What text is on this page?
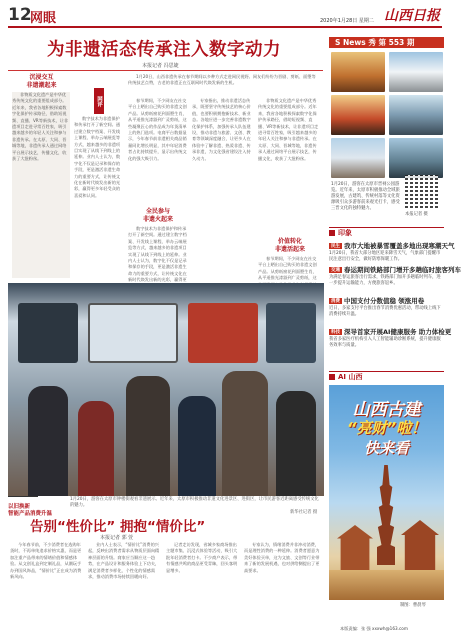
12
网眼	2020年1月28日 星期二 山西日报
为非遗活态传承注入数字动力
本报记者 冯思婕
沉浸交互
非遗潮起来
非物质文化遗产是中华优秀传统文化的重要组成部分。近年来，我省各地积极探索数字化保护传承路径，借助短视频、直播、VR等新技术，让非遗项目走进寻常百姓家，吸引越来越多的年轻人关注和参与非遗传承。在太原、大同、晋城等地，非遗传承人通过网络平台展示技艺，传播文化，收获了大批粉丝。
网评
数字技术为非遗保护和传承打开了新空间。通过建立数字档案、开发线上课程、举办云端展览等方式，越来越多的非遗项目实现了从线下到线上的延伸。业内人士认为，数字化不仅是记录和保存的手段，更是激活非遗生命力的重要方式，让传统文化在新时代焕发出新的光彩，赢得更多年轻受众的喜爱和认同。
1月20日，山西非遗传承在春节期间以多种方式走进网民视野。网友们纷纷为晋剧、剪纸、面塑等传统技艺点赞，古老的非遗正在互联网时代焕发新的生机。
春节期间，不少网友在社交平台上晒出自己购买的非遗文创产品。从剪纸窗花到面塑生肖，从平遥推光漆器到广灵剪纸，这些凝聚匠心的作品成为年货清单上的热门选项。电商平台数据显示，今年春节前非遗相关商品销量同比增长明显，其中年轻消费者占比持续提升，显示出传统文化的强大吸引力。
全民参与
非遗火起来
数字技术为非遗保护和传承打开了新空间。通过建立数字档案、开发线上课程、举办云端展览等方式，越来越多的非遗项目实现了从线下到线上的延伸。业内人士认为，数字化不仅是记录和保存的手段，更是激活非遗生命力的重要方式，让传统文化在新时代焕发出新的光彩，赢得更
专家指出，推动非遗活态传承，既要坚守传统技艺的核心价值，也要积极拥抱新技术、新业态。各地应进一步完善非遗数字化保护体系，加强传承人队伍建设，推动非遗与旅游、文创、教育等领域深度融合，让更多人在体验中了解非遗、热爱非遗、传承非遗，为文化强省建设注入持久动力。
价值转化
非遗活起来
非物质文化遗产是中华优秀传统文化的重要组成部分。近年来，我省各地积极探索数字化保护传承路径，借助短视频、直播、VR等新技术，让非遗项目走进寻常百姓家，吸引越来越多的年轻人关注和参与非遗传承。在太原、大同、晋城等地，非遗传承人通过网络平台展示技艺，传播文化，收获了大批粉丝。
春节期间，不少网友在社交平台上晒出自己购买的非遗文创产品。从剪纸窗花到面塑生肖，从平遥推光漆器到广灵剪纸，这
1月20日，游客在太原市钟楼街观看非遗展示。近年来，太原市积极推动非遗文化进景区、进街区，让市民游客近距离感受传统文化的魅力。
新华社记者 摄
以旧换新
智能产品消费升温
告别“性价比” 拥抱“情价比”
本报记者 郭 萱
今年春节前，不少消费者在选购年货时，不再单纯追求价格实惠，而是更加注重产品带来的情绪价值和情感体验。从文创礼盒到定制礼品，从潮玩手办到国风饰品，“情价比”正在成为消费新风向。
业内人士表示，“情价比”消费的兴起，反映出消费者需求从物质层面向精神层面的升级。商家应当顺应这一趋势，在产品设计和服务体验上下功夫，满足消费者多样化、个性化的情感需求，推动消费市场持续回暖向好。
记者走访发现，省城多家商场推出主题市集、沉浸式体验等活动，吸引大批年轻消费者打卡。不少商户表示，带有情感共鸣的商品更受青睐，回头客明显增多。
专家认为，情绪消费并非冲动消费，而是理性消费的一种延伸。消费者愿意为美好体验买单，这为文旅、文创等行业带来了新的发展机遇，也对供给侧提出了更高要求。
S News 秀 第 553 期
1月20日，游客在太原市晋祠公园游览。近年来，太原市积极推动全域旅游发展，古建筑、传统村落等文化资源吸引众多游客前来观光打卡，感受三晋文化的独特魅力。
本报记者 摄
印象
民生 我市大地被暴雪覆盖多地出现寒潮天气
1月20日，我省大部分地区迎来降雪天气，气象部门提醒市民注意出行安全，做好防寒保暖工作。
交通 春运期间铁路部门增开多趟临时旅客列车
为满足春运旅客出行需求，铁路部门加开多趟临时列车，进一步提升运输能力，方便旅客返乡。
消费 中国支付分数值稳 领涨用卷
近日，多家支付平台推出春节消费优惠活动，带动线上线下消费持续升温。
科技 深导首家开展AI健康服务 助力体检更
我省多家医疗机构引入人工智能辅助诊断系统，提升健康服务效率与质量。
AI 山西
山西古建
“亮财”啦！
快来看
制图：曹晨琴
本版责编：张 强 xxxwh@163.com
